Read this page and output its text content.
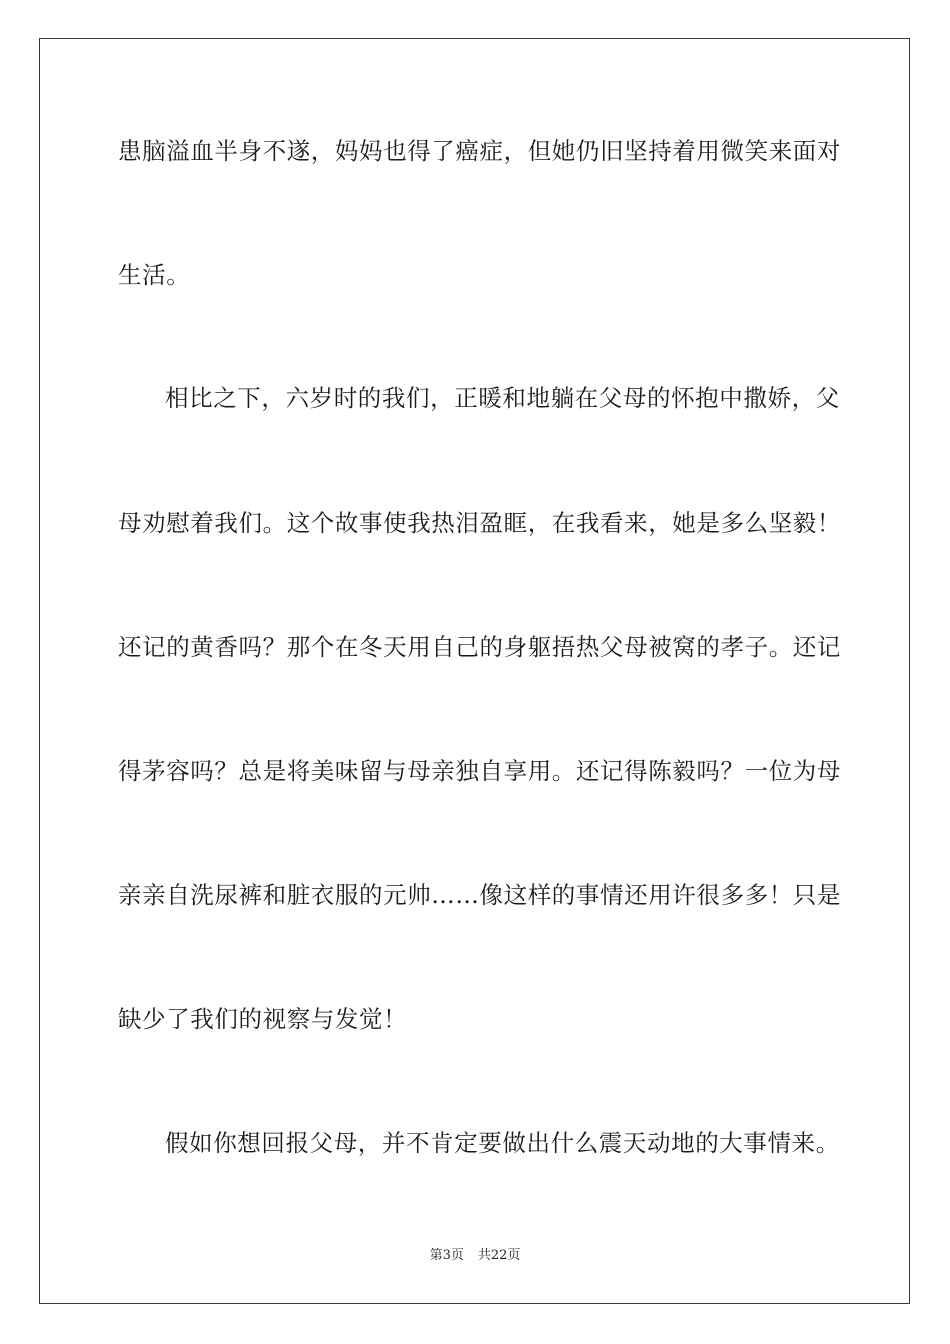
患脑溢血半身不遂，妈妈也得了癌症，但她仍旧坚持着用微笑来面对
生活。
相比之下，六岁时的我们，正暖和地躺在父母的怀抱中撒娇，父
母劝慰着我们。这个故事使我热泪盈眶，在我看来，她是多么坚毅！
还记的黄香吗？那个在冬天用自己的身躯捂热父母被窝的孝子。还记
得茅容吗？总是将美味留与母亲独自享用。还记得陈毅吗？一位为母
亲亲自洗尿裤和脏衣服的元帅……像这样的事情还用许很多多！只是
缺少了我们的视察与发觉！
假如你想回报父母，并不肯定要做出什么震天动地的大事情来。
第3页 共22页
